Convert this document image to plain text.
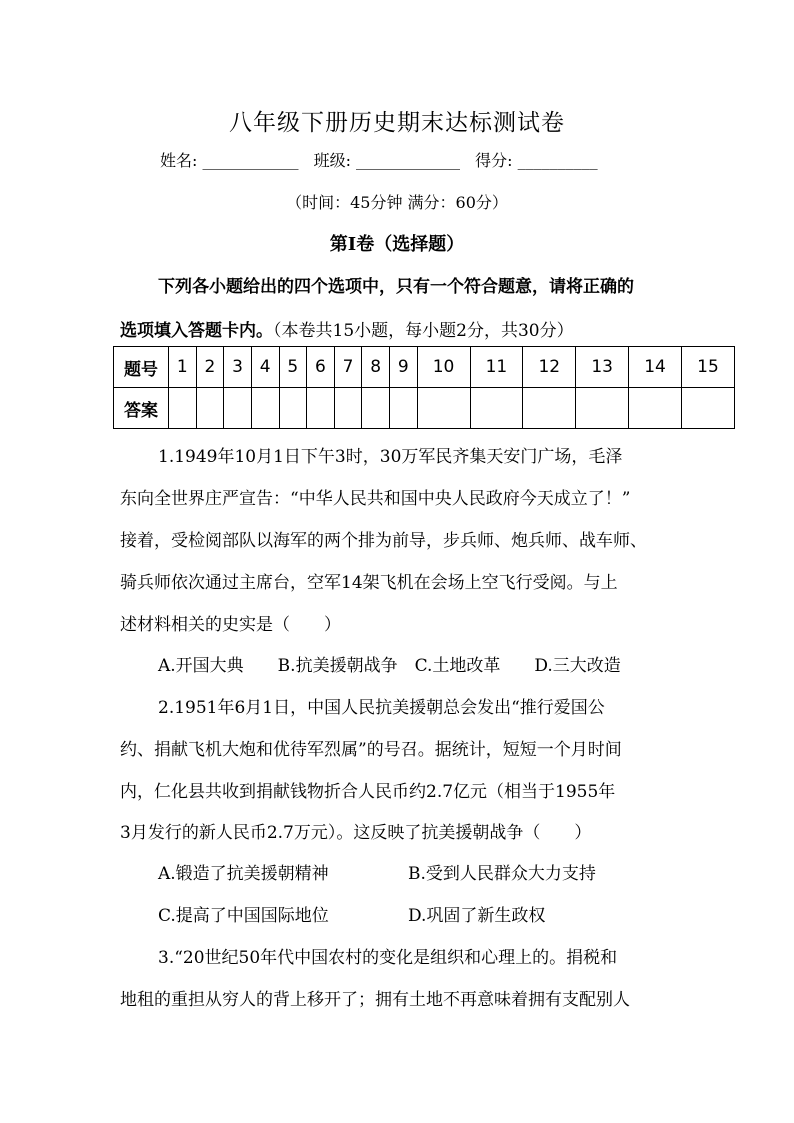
八年级下册历史期末达标测试卷
姓名: ____________ 班级: _____________ 得分: __________
（时间：45分钟 满分：60分）
第Ⅰ卷（选择题）
下列各小题给出的四个选项中，只有一个符合题意，请将正确的
选项填入答题卡内。（本卷共15小题，每小题2分，共30分）
题号	1	2	3	4	5	6	7	8	9	10	11	12	13	14	15
答案															
1.1949年10月1日下午3时，30万军民齐集天安门广场，毛泽
东向全世界庄严宣告：“中华人民共和国中央人民政府今天成立了！”
接着，受检阅部队以海军的两个排为前导，步兵师、炮兵师、战车师、
骑兵师依次通过主席台，空军14架飞机在会场上空飞行受阅。与上
述材料相关的史实是（　　）
A.开国大典　　B.抗美援朝战争　C.土地改革　　D.三大改造
2.1951年6月1日，中国人民抗美援朝总会发出“推行爱国公
约、捐献飞机大炮和优待军烈属”的号召。据统计，短短一个月时间
内，仁化县共收到捐献钱物折合人民币约2.7亿元（相当于1955年
3月发行的新人民币2.7万元）。这反映了抗美援朝战争（　　）
A.锻造了抗美援朝精神	B.受到人民群众大力支持
C.提高了中国国际地位	D.巩固了新生政权
3.“20世纪50年代中国农村的变化是组织和心理上的。捐税和
地租的重担从穷人的背上移开了；拥有土地不再意味着拥有支配别人
